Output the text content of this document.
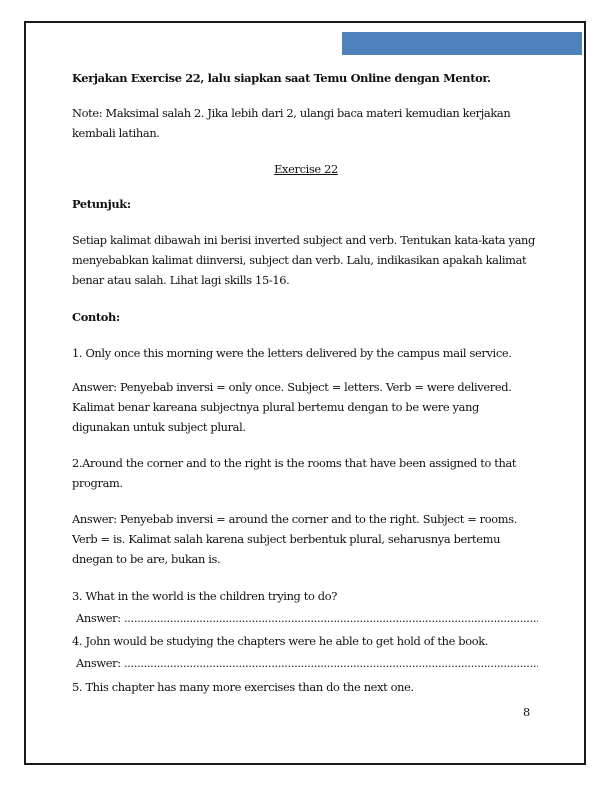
Kerjakan Exercise 22, lalu siapkan saat Temu Online dengan Mentor.
Note: Maksimal salah 2. Jika lebih dari 2, ulangi baca materi kemudian kerjakan kembali latihan.
Exercise 22
Petunjuk:
Setiap kalimat dibawah ini berisi inverted subject and verb. Tentukan kata-kata yang menyebabkan kalimat diinversi, subject dan verb. Lalu, indikasikan apakah kalimat benar atau salah. Lihat lagi skills 15-16.
Contoh:
1. Only once this morning were the letters delivered by the campus mail service.
Answer: Penyebab inversi = only once. Subject = letters. Verb = were delivered. Kalimat benar kareana subjectnya plural bertemu dengan to be were yang digunakan untuk subject plural.
2.Around the corner and to the right is the rooms that have been assigned to that program.
Answer: Penyebab inversi = around the corner and to the right. Subject = rooms. Verb = is. Kalimat salah karena subject berbentuk plural, seharusnya bertemu dnegan to be are, bukan is.
3. What in the world is the children trying to do?
Answer: .....
4. John would be studying the chapters were he able to get hold of the book.
Answer: .....
5. This chapter has many more exercises than do the next one.
8
